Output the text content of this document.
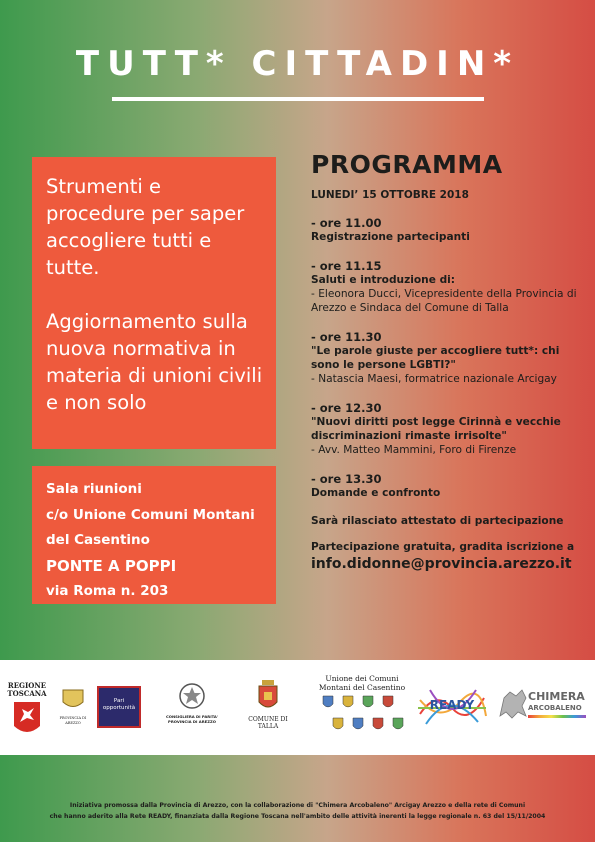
TUTT* CITTADIN*

Strumenti e procedure per saper accogliere tutti e tutte.

Aggiornamento sulla nuova normativa in materia di unioni civili e non solo

Sala riunioni
c/o Unione Comuni Montani
del Casentino
PONTE A POPPI
via Roma n. 203
PROGRAMMA
LUNEDI’ 15 OTTOBRE 2018
- ore 11.00
Registrazione partecipanti
- ore 11.15
Saluti e introduzione di:
- Eleonora Ducci, Vicepresidente della Provincia di Arezzo e Sindaca del Comune di Talla
- ore 11.30
"Le parole giuste per accogliere tutt*: chi sono le persone LGBTI?"
- Natascia Maesi, formatrice nazionale Arcigay
- ore 12.30
"Nuovi diritti post legge Cirinnà e vecchie discriminazioni rimaste irrisolte"
- Avv. Matteo Mammini, Foro di Firenze
- ore 13.30
Domande e confronto
Sarà rilasciato attestato di partecipazione
Partecipazione gratuita, gradita iscrizione a
info.didonne@provincia.arezzo.it
REGIONE
TOSCANA
PROVINCIA DI AREZZO
Pari opportunità
CONSIGLIERA DI PARITA'
PROVINCIA DI AREZZO	COMUNE DI
TALLA
Unione dei Comuni
Montani del Casentino
READY
CHIMERA
ARCOBALENO
Iniziativa promossa dalla Provincia di Arezzo, con la collaborazione di "Chimera Arcobaleno" Arcigay Arezzo e della rete di Comuni
che hanno aderito alla Rete READY, finanziata dalla Regione Toscana nell'ambito delle attività inerenti la legge regionale n. 63 del 15/11/2004
